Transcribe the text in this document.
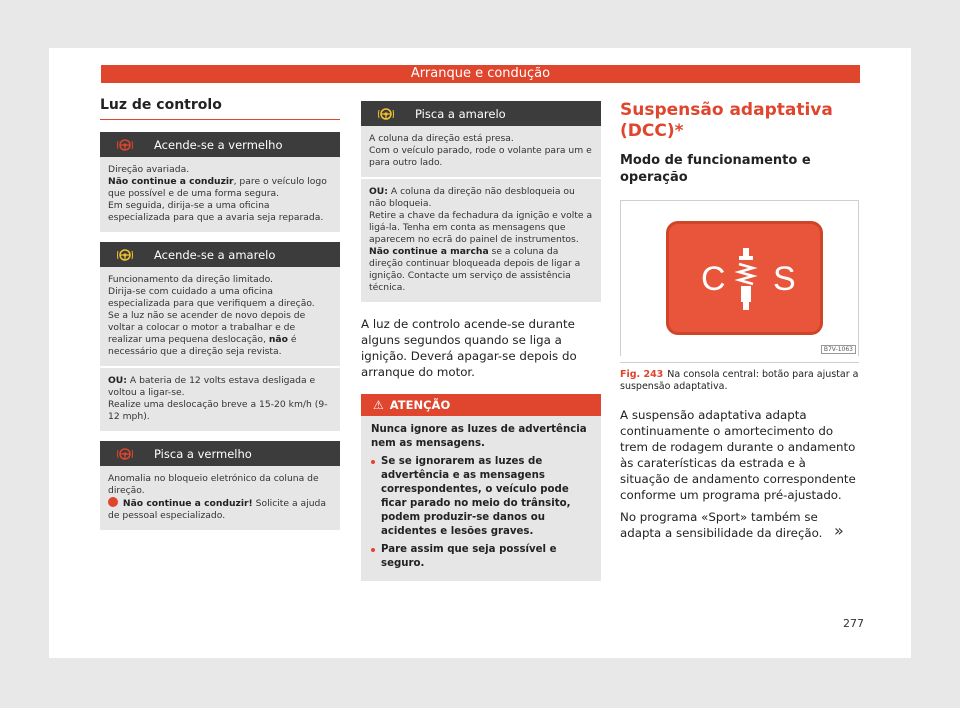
Arranque e condução
Luz de controlo
Acende-se a vermelho
Direção avariada.
Não continue a conduzir, pare o veículo logo que possível e de uma forma segura.
Em seguida, dirija-se a uma oficina especializada para que a avaria seja reparada.
Acende-se a amarelo
Funcionamento da direção limitado.
Dirija-se com cuidado a uma oficina especializada para que verifiquem a direção.
Se a luz não se acender de novo depois de voltar a colocar o motor a trabalhar e de realizar uma pequena deslocação, não é necessário que a direção seja revista.
OU: A bateria de 12 volts estava desligada e voltou a ligar-se.
Realize uma deslocação breve a 15-20 km/h (9-12 mph).
Pisca a vermelho
Anomalia no bloqueio eletrónico da coluna de direção.
Não continue a conduzir! Solicite a ajuda de pessoal especializado.
Pisca a amarelo
A coluna da direção está presa.
Com o veículo parado, rode o volante para um e para outro lado.
OU: A coluna da direção não desbloqueia ou não bloqueia.
Retire a chave da fechadura da ignição e volte a ligá-la. Tenha em conta as mensagens que aparecem no ecrã do painel de instrumentos.
Não continue a marcha se a coluna da direção continuar bloqueada depois de ligar a ignição. Contacte um serviço de assistência técnica.
A luz de controlo acende-se durante alguns segundos quando se liga a ignição. Deverá apagar-se depois do arranque do motor.
⚠ ATENÇÃO
Nunca ignore as luzes de advertência nem as mensagens.
Se se ignorarem as luzes de advertência e as mensagens correspondentes, o veículo pode ficar parado no meio do trânsito, podem produzir-se danos ou acidentes e lesões graves.
Pare assim que seja possível e seguro.
Suspensão adaptativa (DCC)*
Modo de funcionamento e operação
C S
B7V-1063
Fig. 243 Na consola central: botão para ajustar a suspensão adaptativa.
A suspensão adaptativa adapta continuamente o amortecimento do trem de rodagem durante o andamento às caraterísticas da estrada e à situação de andamento correspondente conforme um programa pré-ajustado.
No programa «Sport» também se adapta a sensibilidade da direção. »
277
